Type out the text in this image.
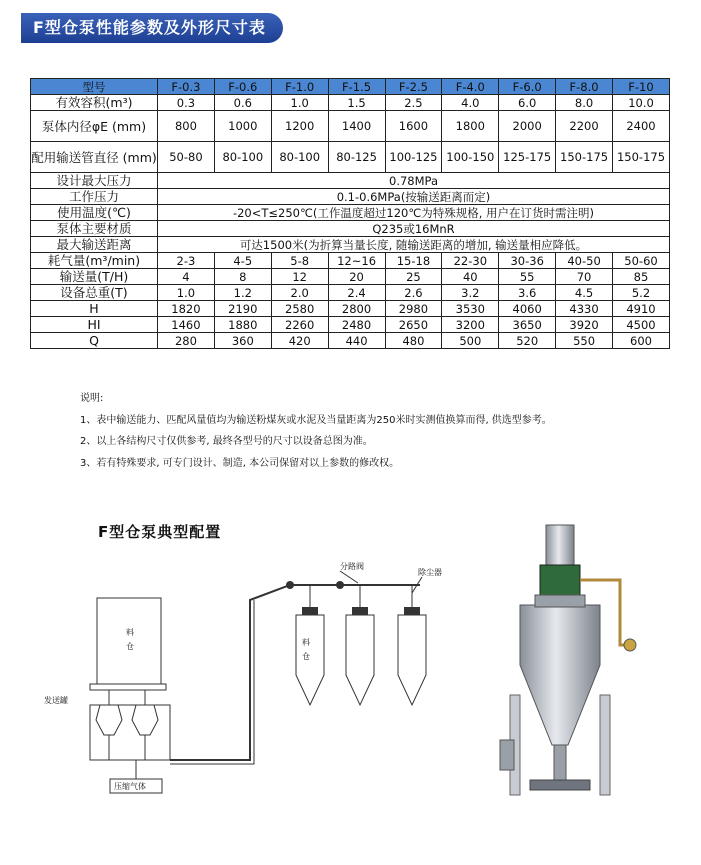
F型仓泵性能参数及外形尺寸表
型号	F-0.3	F-0.6	F-1.0	F-1.5	F-2.5	F-4.0	F-6.0	F-8.0	F-10
有效容积(m³)	0.3	0.6	1.0	1.5	2.5	4.0	6.0	8.0	10.0
泵体内径φE (mm)	800	1000	1200	1400	1600	1800	2000	2200	2400
配用输送管直径 (mm)	50-80	80-100	80-100	80-125	100-125	100-150	125-175	150-175	150-175
设计最大压力	0.78MPa								
工作压力	0.1-0.6MPa(按输送距离而定)								
使用温度(℃)	-20<T≤250℃(工作温度超过120℃为特殊规格, 用户在订货时需注明)								
泵体主要材质	Q235或16MnR								
最大输送距离	可达1500米(为折算当量长度, 随输送距离的增加, 输送量相应降低。								
耗气量(m³/min)	2-3	4-5	5-8	12~16	15-18	22-30	30-36	40-50	50-60
输送量(T/H)	4	8	12	20	25	40	55	70	85
设备总重(T)	1.0	1.2	2.0	2.4	2.6	3.2	3.6	4.5	5.2
H	1820	2190	2580	2800	2980	3530	4060	4330	4910
HI	1460	1880	2260	2480	2650	3200	3650	3920	4500
Q	280	360	420	440	480	500	520	550	600
说明:
1、表中输送能力、匹配风量值均为输送粉煤灰或水泥及当量距离为250米时实测值换算而得, 供选型参考。
2、以上各结构尺寸仅供参考, 最终各型号的尺寸以设备总图为准。
3、若有特殊要求, 可专门设计、制造, 本公司保留对以上参数的修改权。
F型仓泵典型配置
料
仓
发送罐
压缩气体
分路阀
除尘器
料
仓
